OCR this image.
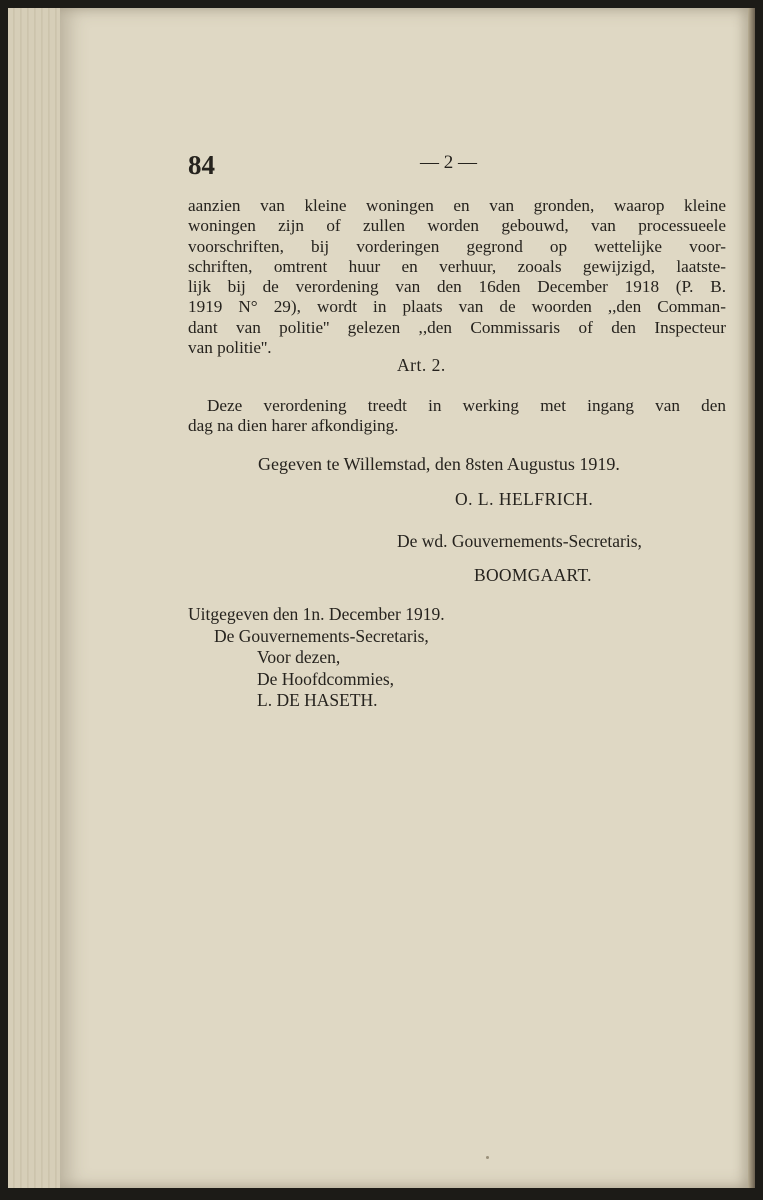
84	— 2 —
aanzien van kleine woningen en van gronden, waarop kleine
woningen zijn of zullen worden gebouwd, van processueele
voorschriften, bij vorderingen gegrond op wettelijke voor-
schriften, omtrent huur en verhuur, zooals gewijzigd, laatste-
lijk bij de verordening van den 16den December 1918 (P. B.
1919 N° 29), wordt in plaats van de woorden ,,den Comman-
dant van politie'' gelezen ,,den Commissaris of den Inspecteur
van politie''.
Art. 2.
Deze verordening treedt in werking met ingang van den
dag na dien harer afkondiging.
Gegeven te Willemstad, den 8sten Augustus 1919.
O. L. HELFRICH.
De wd. Gouvernements-Secretaris,
BOOMGAART.
Uitgegeven den 1n. December 1919.
De Gouvernements-Secretaris,
Voor dezen,
De Hoofdcommies,
L. DE HASETH.
